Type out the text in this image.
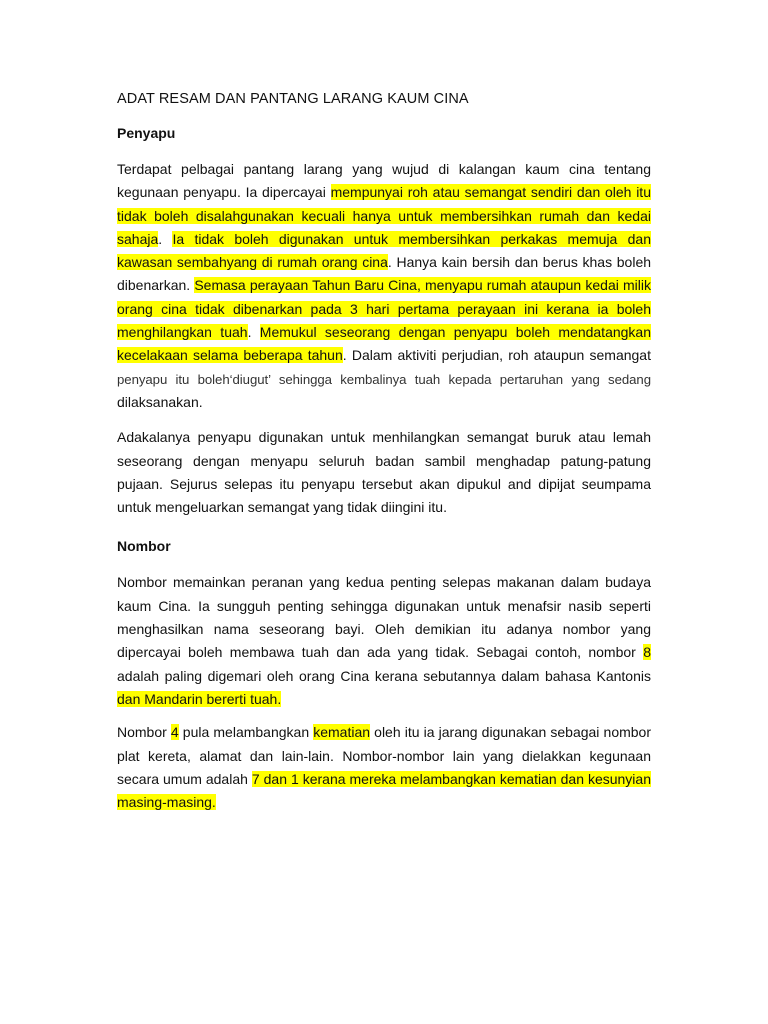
ADAT RESAM DAN PANTANG LARANG KAUM CINA
Penyapu

Terdapat pelbagai pantang larang yang wujud di kalangan kaum cina tentang kegunaan penyapu. Ia dipercayai mempunyai roh atau semangat sendiri dan oleh itu tidak boleh disalahgunakan kecuali hanya untuk membersihkan rumah dan kedai sahaja. Ia tidak boleh digunakan untuk membersihkan perkakas memuja dan kawasan sembahyang di rumah orang cina. Hanya kain bersih dan berus khas boleh dibenarkan. Semasa perayaan Tahun Baru Cina, menyapu rumah ataupun kedai milik orang cina tidak dibenarkan pada 3 hari pertama perayaan ini kerana ia boleh menghilangkan tuah. Memukul seseorang dengan penyapu boleh mendatangkan kecelakaan selama beberapa tahun. Dalam aktiviti perjudian, roh ataupun semangat penyapu itu boleh‘diugut’ sehingga kembalinya tuah kepada pertaruhan yang sedang dilaksanakan.

Adakalanya penyapu digunakan untuk menhilangkan semangat buruk atau lemah seseorang dengan menyapu seluruh badan sambil menghadap patung-patung pujaan. Sejurus selepas itu penyapu tersebut akan dipukul and dipijat seumpama untuk mengeluarkan semangat yang tidak diingini itu.

Nombor

Nombor memainkan peranan yang kedua penting selepas makanan dalam budaya kaum Cina. Ia sungguh penting sehingga digunakan untuk menafsir nasib seperti menghasilkan nama seseorang bayi. Oleh demikian itu adanya nombor yang dipercayai boleh membawa tuah dan ada yang tidak. Sebagai contoh, nombor 8 adalah paling digemari oleh orang Cina kerana sebutannya dalam bahasa Kantonis dan Mandarin bererti tuah.

Nombor 4 pula melambangkan kematian oleh itu ia jarang digunakan sebagai nombor plat kereta, alamat dan lain-lain. Nombor-nombor lain yang dielakkan kegunaan secara umum adalah 7 dan 1 kerana mereka melambangkan kematian dan kesunyian masing-masing.
